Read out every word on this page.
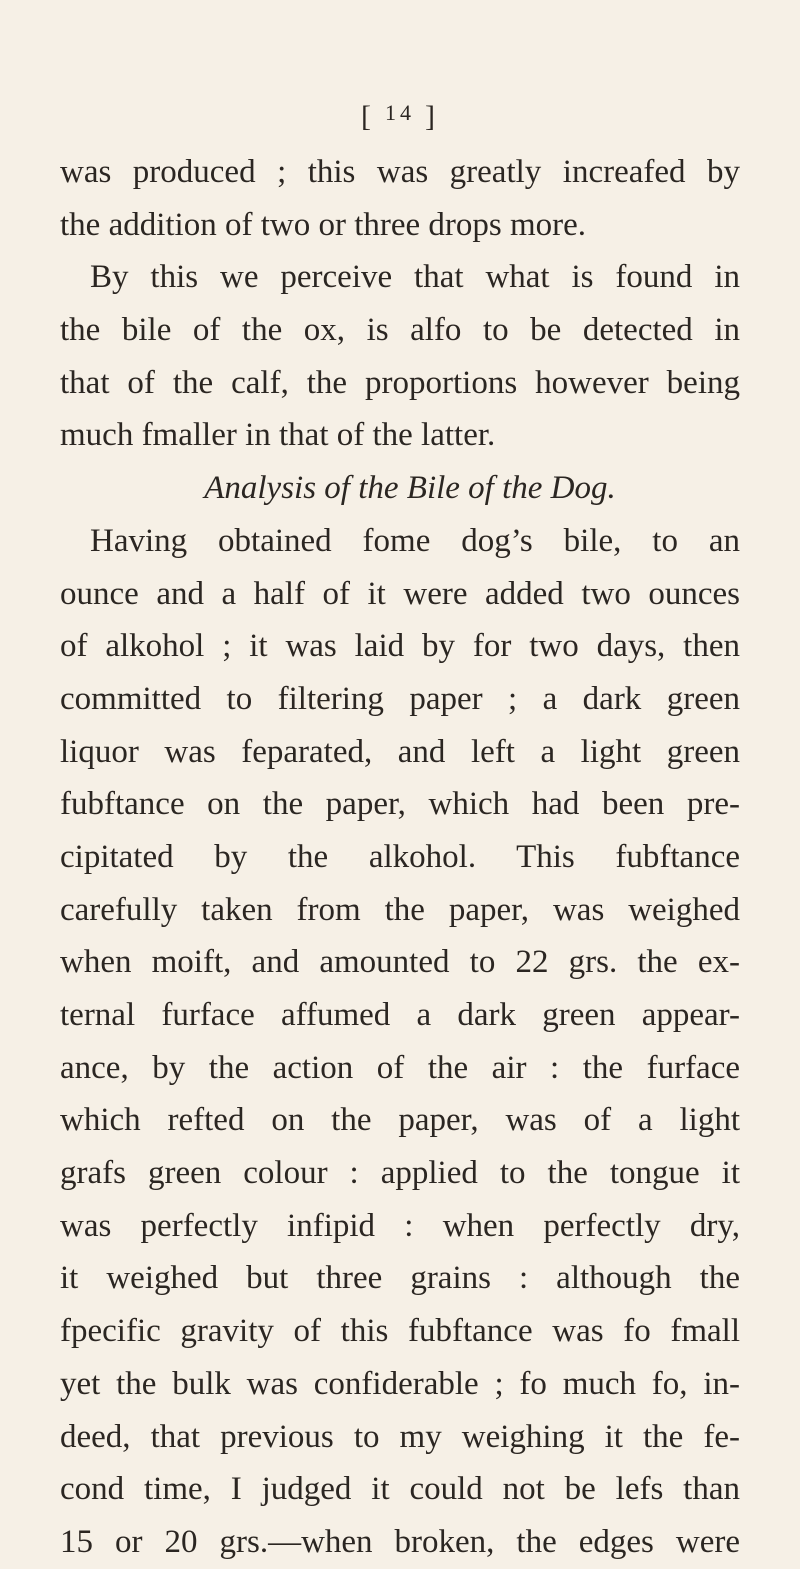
[ $^{14}$ ]
was produced ; this was greatly increafed by
the addition of two or three drops more.
By this we perceive that what is found in
the bile of the ox, is alfo to be detected in
that of the calf, the proportions however being
much fmaller in that of the latter.
Analysis of the Bile of the Dog.
Having obtained fome dog’s bile, to an
ounce and a half of it were added two ounces
of alkohol ; it was laid by for two days, then
committed to filtering paper ; a dark green
liquor was feparated, and left a light green
fubftance on the paper, which had been pre-
cipitated by the alkohol. This fubftance
carefully taken from the paper, was weighed
when moift, and amounted to 22 grs. the ex-
ternal furface affumed a dark green appear-
ance, by the action of the air : the furface
which refted on the paper, was of a light
grafs green colour : applied to the tongue it
was perfectly infipid : when perfectly dry,
it weighed but three grains : although the
fpecific gravity of this fubftance was fo fmall
yet the bulk was confiderable ; fo much fo, in-
deed, that previous to my weighing it the fe-
cond time, I judged it could not be lefs than
15 or 20 grs.—when broken, the edges were
